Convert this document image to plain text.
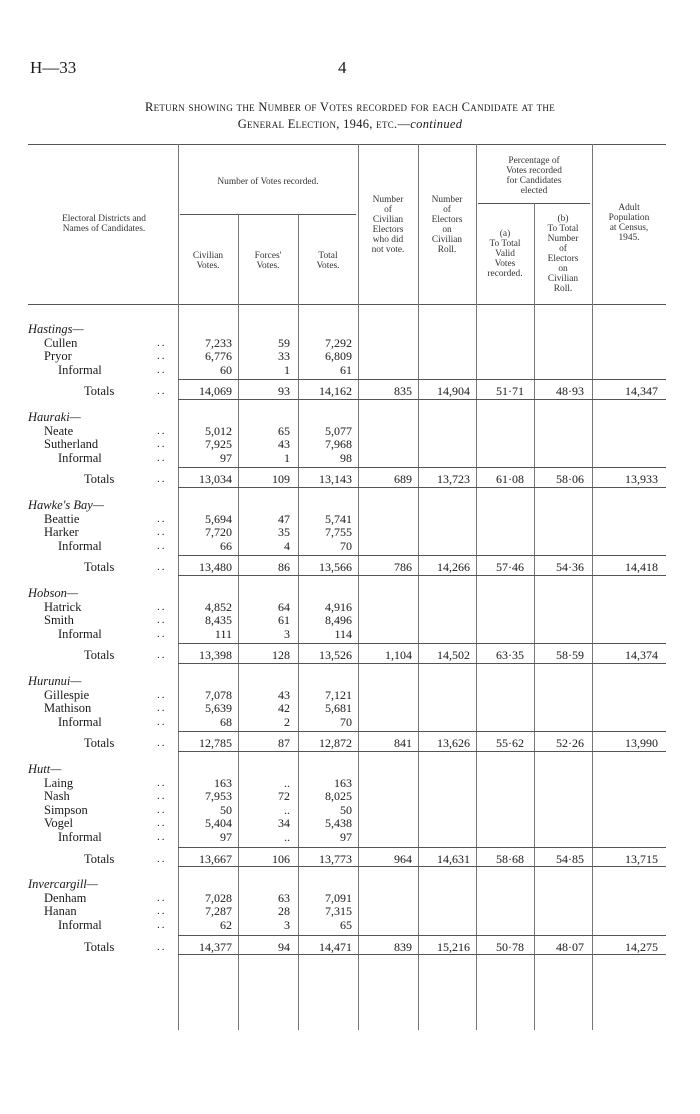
H—33	4
Return showing the Number of Votes recorded for each Candidate at the
General Election, 1946, etc.—continued
Electoral Districts and
Names of Candidates.
Number of Votes recorded.
Civilian
Votes.
Forces'
Votes.
Total
Votes.
Number
of
Civilian
Electors
who did
not vote.
Number
of
Electors
on
Civilian
Roll.
Percentage of
Votes recorded
for Candidates
elected
(a)
To Total
Valid
Votes
recorded.
(b)
To Total
Number
of
Electors
on
Civilian
Roll.
Adult
Population
at Census,
1945.
Hastings—
Cullen	..	7,233	59	7,292
Pryor	..	6,776	33	6,809
Informal	..	60	1	61
Totals	..	14,069	93	14,162	835	14,904	51·71	48·93	14,347
Hauraki—
Neate	..	5,012	65	5,077
Sutherland	..	7,925	43	7,968
Informal	..	97	1	98
Totals	..	13,034	109	13,143	689	13,723	61·08	58·06	13,933
Hawke's Bay—
Beattie	..	5,694	47	5,741
Harker	..	7,720	35	7,755
Informal	..	66	4	70
Totals	..	13,480	86	13,566	786	14,266	57·46	54·36	14,418
Hobson—
Hatrick	..	4,852	64	4,916
Smith	..	8,435	61	8,496
Informal	..	111	3	114
Totals	..	13,398	128	13,526	1,104	14,502	63·35	58·59	14,374
Hurunui—
Gillespie	..	7,078	43	7,121
Mathison	..	5,639	42	5,681
Informal	..	68	2	70
Totals	..	12,785	87	12,872	841	13,626	55·62	52·26	13,990
Hutt—
Laing	..	163	..	163
Nash	..	7,953	72	8,025
Simpson	..	50	..	50
Vogel	..	5,404	34	5,438
Informal	..	97	..	97
Totals	..	13,667	106	13,773	964	14,631	58·68	54·85	13,715
Invercargill—
Denham	..	7,028	63	7,091
Hanan	..	7,287	28	7,315
Informal	..	62	3	65
Totals	..	14,377	94	14,471	839	15,216	50·78	48·07	14,275
